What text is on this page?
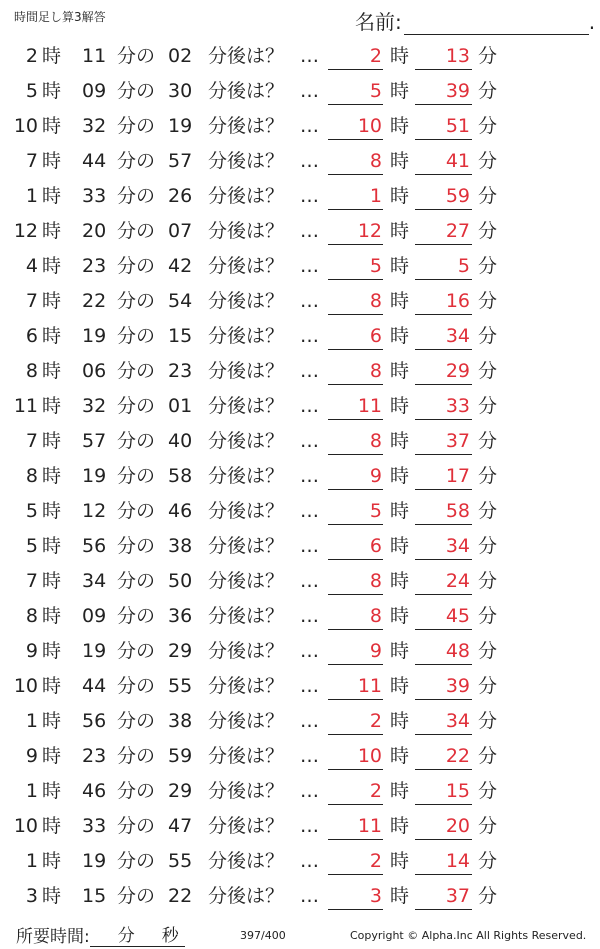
時間足し算3解答	名前:	.
2 時 11 分の 02 分後は？ …	2 時 13 分
5 時 09 分の 30 分後は？ …	5 時 39 分
10 時 32 分の 19 分後は？ … 10 時 51 分
7 時 44 分の 57 分後は？ …	8 時 41 分
1 時 33 分の 26 分後は？ …	1 時 59 分
12 時 20 分の 07 分後は？ … 12 時 27 分
4 時 23 分の 42 分後は？ …	5 時	5 分
7 時 22 分の 54 分後は？ …	8 時 16 分
6 時 19 分の 15 分後は？ …	6 時 34 分
8 時 06 分の 23 分後は？ …	8 時 29 分
11 時 32 分の 01 分後は？ … 11 時 33 分
7 時 57 分の 40 分後は？ …	8 時 37 分
8 時 19 分の 58 分後は？ …	9 時 17 分
5 時 12 分の 46 分後は？ …	5 時 58 分
5 時 56 分の 38 分後は？ …	6 時 34 分
7 時 34 分の 50 分後は？ …	8 時 24 分
8 時 09 分の 36 分後は？ …	8 時 45 分
9 時 19 分の 29 分後は？ …	9 時 48 分
10 時 44 分の 55 分後は？ … 11 時 39 分
1 時 56 分の 38 分後は？ …	2 時 34 分
9 時 23 分の 59 分後は？ … 10 時 22 分
1 時 46 分の 29 分後は？ …	2 時 15 分
10 時 33 分の 47 分後は？ … 11 時 20 分
1 時 19 分の 55 分後は？ …	2 時 14 分
3 時 15 分の 22 分後は？ …	3 時 37 分
所要時間: 分 秒	397/400	Copyright © Alpha.Inc All Rights Reserved.
